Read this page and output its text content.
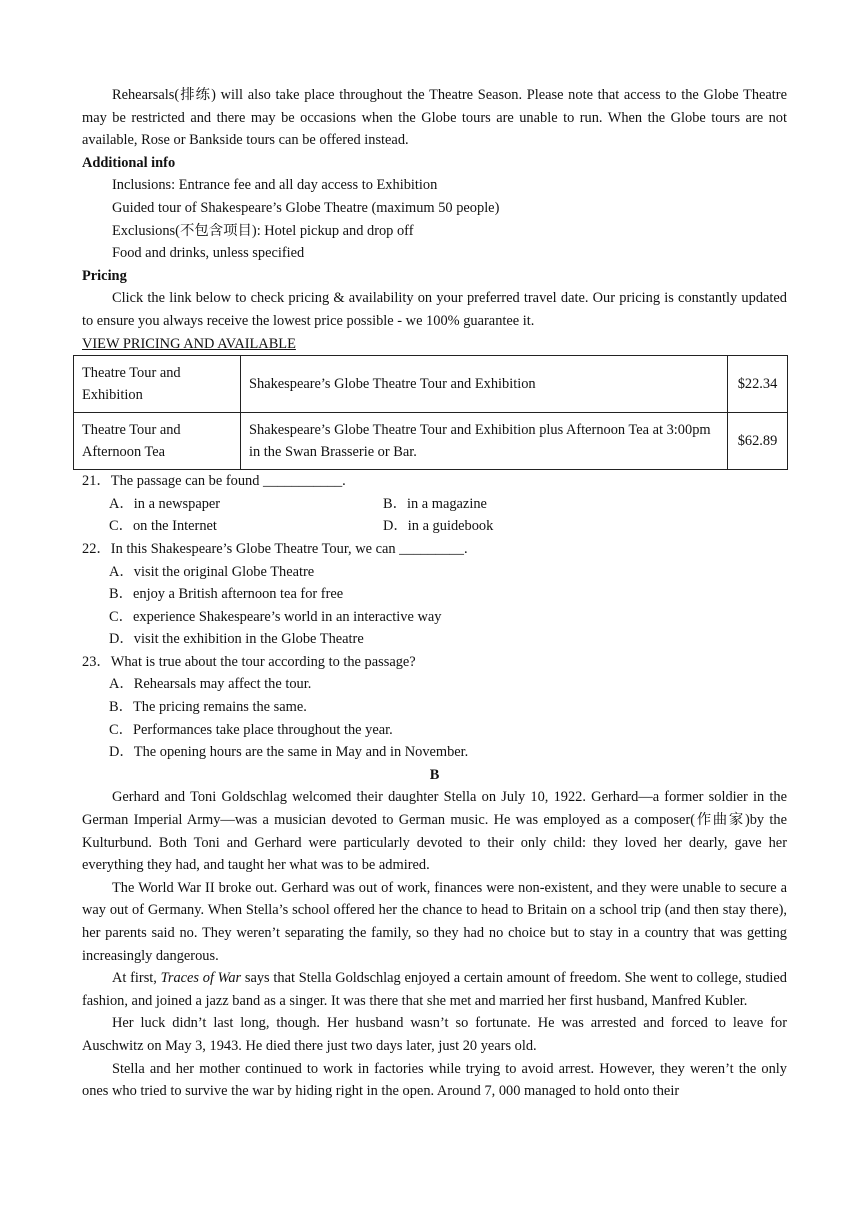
Rehearsals(排练) will also take place throughout the Theatre Season. Please note that access to the Globe Theatre may be restricted and there may be occasions when the Globe tours are unable to run. When the Globe tours are not available, Rose or Bankside tours can be offered instead.

Additional info

Inclusions: Entrance fee and all day access to Exhibition

Guided tour of Shakespeare’s Globe Theatre (maximum 50 people)

Exclusions(不包含项目): Hotel pickup and drop off

Food and drinks, unless specified

Pricing

Click the link below to check pricing & availability on your preferred travel date. Our pricing is constantly updated to ensure you always receive the lowest price possible - we 100% guarantee it.

VIEW PRICING AND AVAILABLE

Theatre Tour and Exhibition	Shakespeare’s Globe Theatre Tour and Exhibition	$22.34
Theatre Tour and Afternoon Tea	Shakespeare’s Globe Theatre Tour and Exhibition plus Afternoon Tea at 3:00pm in the Swan Brasserie or Bar.	$62.89

21．The passage can be found ___________.

A．in a newspaper	B．in a magazine
C．on the Internet	D．in a guidebook

22．In this Shakespeare’s Globe Theatre Tour, we can _________.

A．visit the original Globe Theatre

B．enjoy a British afternoon tea for free

C．experience Shakespeare’s world in an interactive way

D．visit the exhibition in the Globe Theatre

23．What is true about the tour according to the passage?

A．Rehearsals may affect the tour.

B．The pricing remains the same.

C．Performances take place throughout the year.

D．The opening hours are the same in May and in November.

B

Gerhard and Toni Goldschlag welcomed their daughter Stella on July 10, 1922. Gerhard—a former soldier in the German Imperial Army—was a musician devoted to German music. He was employed as a composer(作曲家)by the Kulturbund. Both Toni and Gerhard were particularly devoted to their only child: they loved her dearly, gave her everything they had, and taught her what was to be admired.

The World War II broke out. Gerhard was out of work, finances were non-existent, and they were unable to secure a way out of Germany. When Stella’s school offered her the chance to head to Britain on a school trip (and then stay there), her parents said no. They weren’t separating the family, so they had no choice but to stay in a country that was getting increasingly dangerous.

At first, Traces of War says that Stella Goldschlag enjoyed a certain amount of freedom. She went to college, studied fashion, and joined a jazz band as a singer. It was there that she met and married her first husband, Manfred Kubler.

Her luck didn’t last long, though. Her husband wasn’t so fortunate. He was arrested and forced to leave for Auschwitz on May 3, 1943. He died there just two days later, just 20 years old.

Stella and her mother continued to work in factories while trying to avoid arrest. However, they weren’t the only ones who tried to survive the war by hiding right in the open. Around 7, 000 managed to hold onto their
